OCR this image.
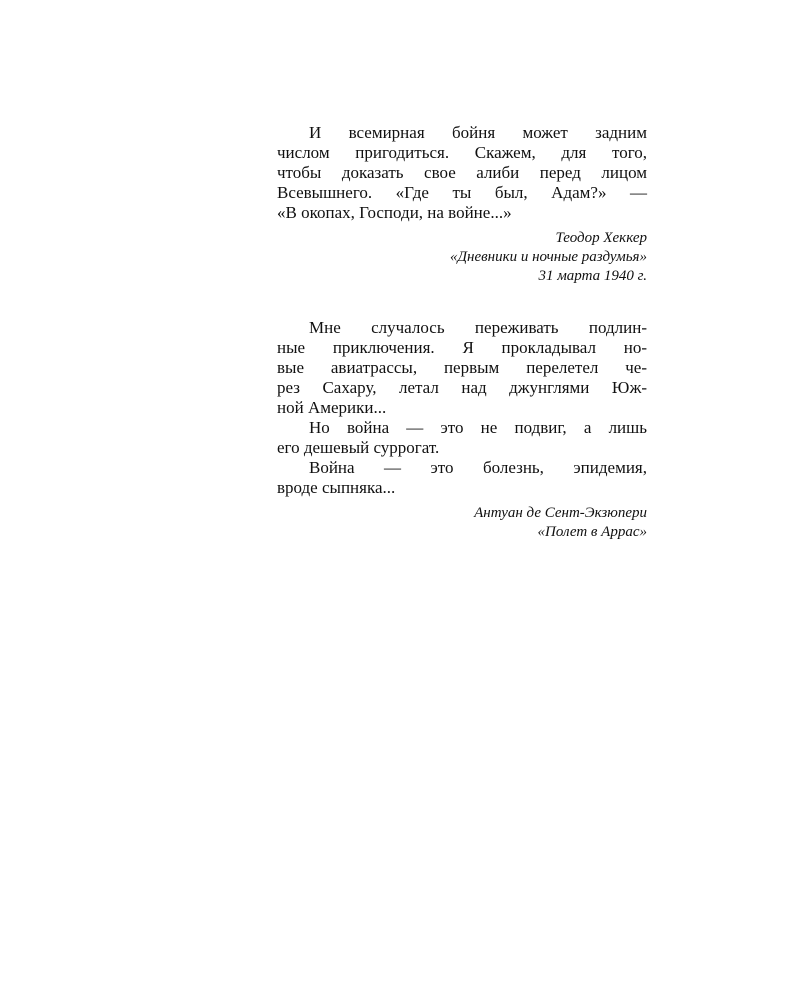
И всемирная бойня может задним
числом пригодиться. Скажем, для того,
чтобы доказать свое алиби перед лицом
Всевышнего. «Где ты был, Адам?» —
«В окопах, Господи, на войне...»
Теодор Хеккер
«Дневники и ночные раздумья»
31 марта 1940 г.
Мне случалось переживать подлин-
ные приключения. Я прокладывал но-
вые авиатрассы, первым перелетел че-
рез Сахару, летал над джунглями Юж-
ной Америки...
Но война — это не подвиг, а лишь
его дешевый суррогат.
Война — это болезнь, эпидемия,
вроде сыпняка...
Антуан де Сент-Экзюпери
«Полет в Аррас»
